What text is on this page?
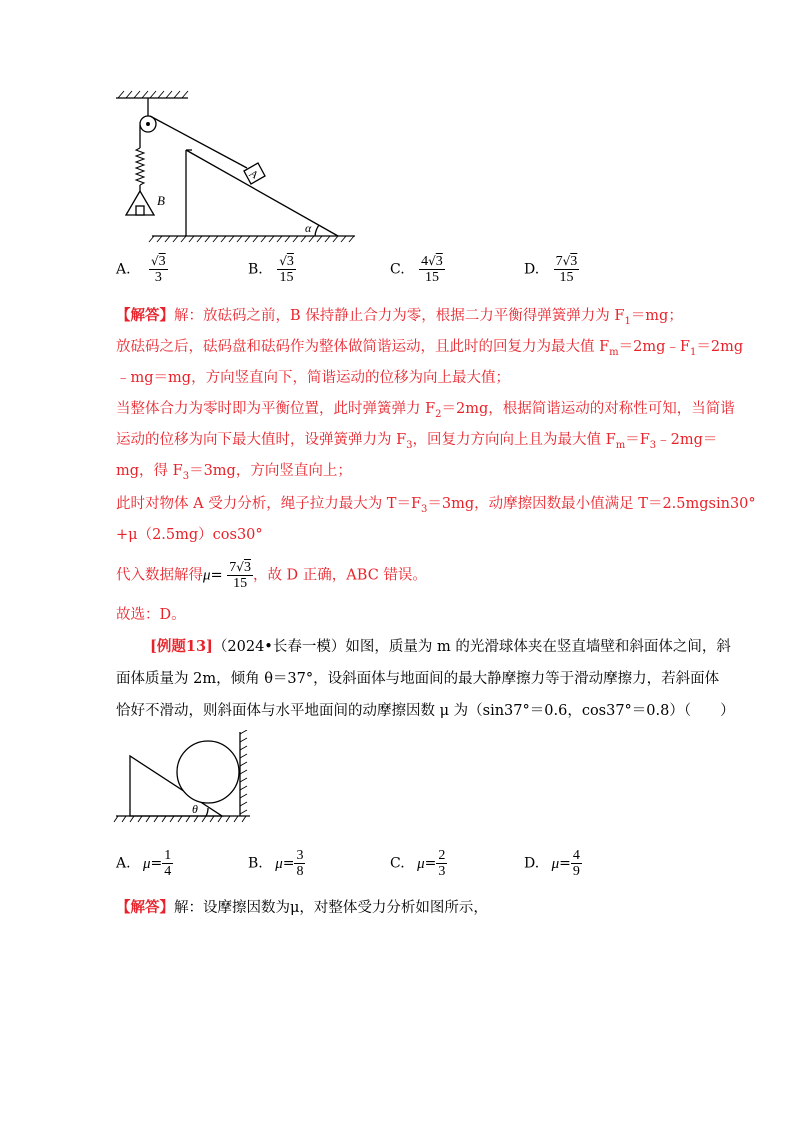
A
B
α
A. $\frac{√3}{3}$	B. $\frac{√3}{15}$	C. $\frac{4√3}{15}$	D. $\frac{7√3}{15}$
【解答】解：放砝码之前，B 保持静止合力为零，根据二力平衡得弹簧弹力为 $F_1=mg$；
放砝码之后，砝码盘和砝码作为整体做简谐运动，且此时的回复力为最大值 $F_m=2mg﹣F_1=2mg$
﹣mg＝mg，方向竖直向下，简谐运动的位移为向上最大值；
当整体合力为零时即为平衡位置，此时弹簧弹力 $F_2=2mg$，根据简谐运动的对称性可知，当简谐
运动的位移为向下最大值时，设弹簧弹力为 $F_3$，回复力方向向上且为最大值 $F_m=F_3﹣2mg=$
mg，得 $F_3=3mg$，方向竖直向上；
此时对物体 A 受力分析，绳子拉力最大为 $T=F_3=3mg$，动摩擦因数最小值满足 T＝2.5mgsin30°
+μ（2.5mg）cos30°
代入数据解得$\mu= \frac{7√3}{15}$ ，故 D 正确，ABC 错误。
故选：D。
[例题13]（2024•长春一模）如图，质量为 m 的光滑球体夹在竖直墙壁和斜面体之间，斜
面体质量为 2m，倾角 θ＝37°，设斜面体与地面间的最大静摩擦力等于滑动摩擦力，若斜面体
恰好不滑动，则斜面体与水平地面间的动摩擦因数 μ 为（sin37°＝0.6，cos37°＝0.8）（　　）
θ
A. $\mu= \frac{1}{4}$	B. $\mu= \frac{3}{8}$	C. $\mu= \frac{2}{3}$	D. $\mu= \frac{4}{9}$
【解答】解：设摩擦因数为μ，对整体受力分析如图所示，
